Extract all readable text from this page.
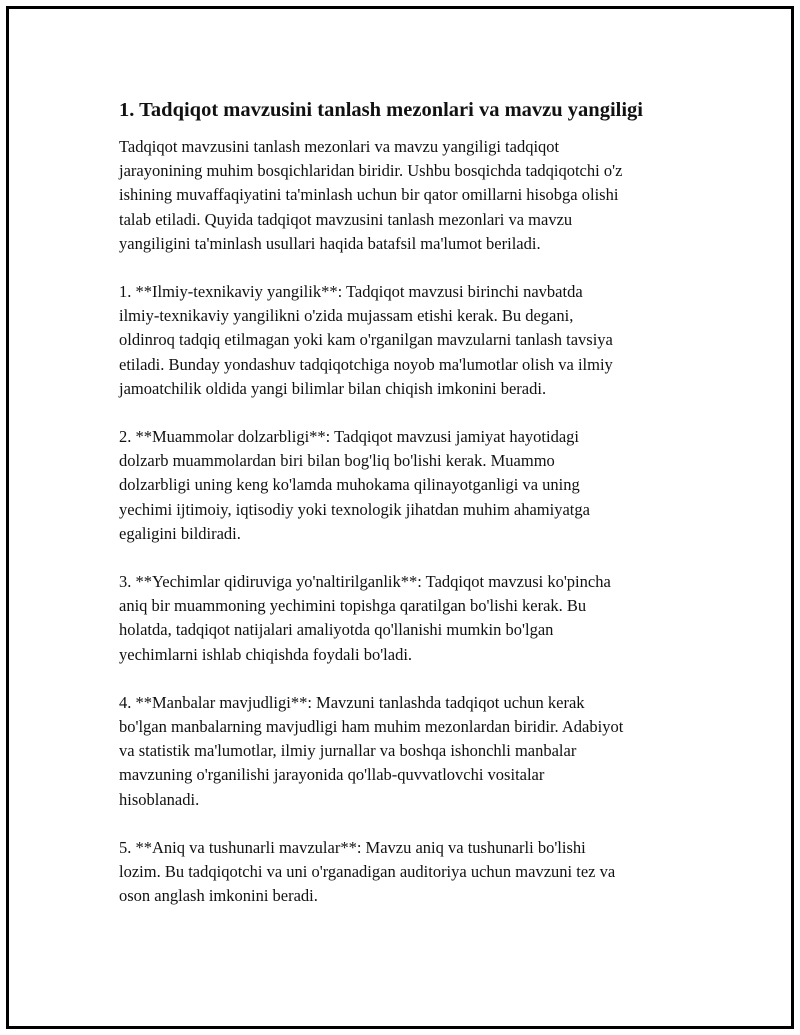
1. Tadqiqot mavzusini tanlash mezonlari va mavzu yangiligi

Tadqiqot mavzusini tanlash mezonlari va mavzu yangiligi tadqiqot
jarayonining muhim bosqichlaridan biridir. Ushbu bosqichda tadqiqotchi o'z
ishining muvaffaqiyatini ta'minlash uchun bir qator omillarni hisobga olishi
talab etiladi. Quyida tadqiqot mavzusini tanlash mezonlari va mavzu
yangiligini ta'minlash usullari haqida batafsil ma'lumot beriladi.

1. **Ilmiy-texnikaviy yangilik**: Tadqiqot mavzusi birinchi navbatda
ilmiy-texnikaviy yangilikni o'zida mujassam etishi kerak. Bu degani,
oldinroq tadqiq etilmagan yoki kam o'rganilgan mavzularni tanlash tavsiya
etiladi. Bunday yondashuv tadqiqotchiga noyob ma'lumotlar olish va ilmiy
jamoatchilik oldida yangi bilimlar bilan chiqish imkonini beradi.

2. **Muammolar dolzarbligi**: Tadqiqot mavzusi jamiyat hayotidagi
dolzarb muammolardan biri bilan bog'liq bo'lishi kerak. Muammo
dolzarbligi uning keng ko'lamda muhokama qilinayotganligi va uning
yechimi ijtimoiy, iqtisodiy yoki texnologik jihatdan muhim ahamiyatga
egaligini bildiradi.

3. **Yechimlar qidiruviga yo'naltirilganlik**: Tadqiqot mavzusi ko'pincha
aniq bir muammoning yechimini topishga qaratilgan bo'lishi kerak. Bu
holatda, tadqiqot natijalari amaliyotda qo'llanishi mumkin bo'lgan
yechimlarni ishlab chiqishda foydali bo'ladi.

4. **Manbalar mavjudligi**: Mavzuni tanlashda tadqiqot uchun kerak
bo'lgan manbalarning mavjudligi ham muhim mezonlardan biridir. Adabiyot
va statistik ma'lumotlar, ilmiy jurnallar va boshqa ishonchli manbalar
mavzuning o'rganilishi jarayonida qo'llab-quvvatlovchi vositalar
hisoblanadi.

5. **Aniq va tushunarli mavzular**: Mavzu aniq va tushunarli bo'lishi
lozim. Bu tadqiqotchi va uni o'rganadigan auditoriya uchun mavzuni tez va
oson anglash imkonini beradi.
